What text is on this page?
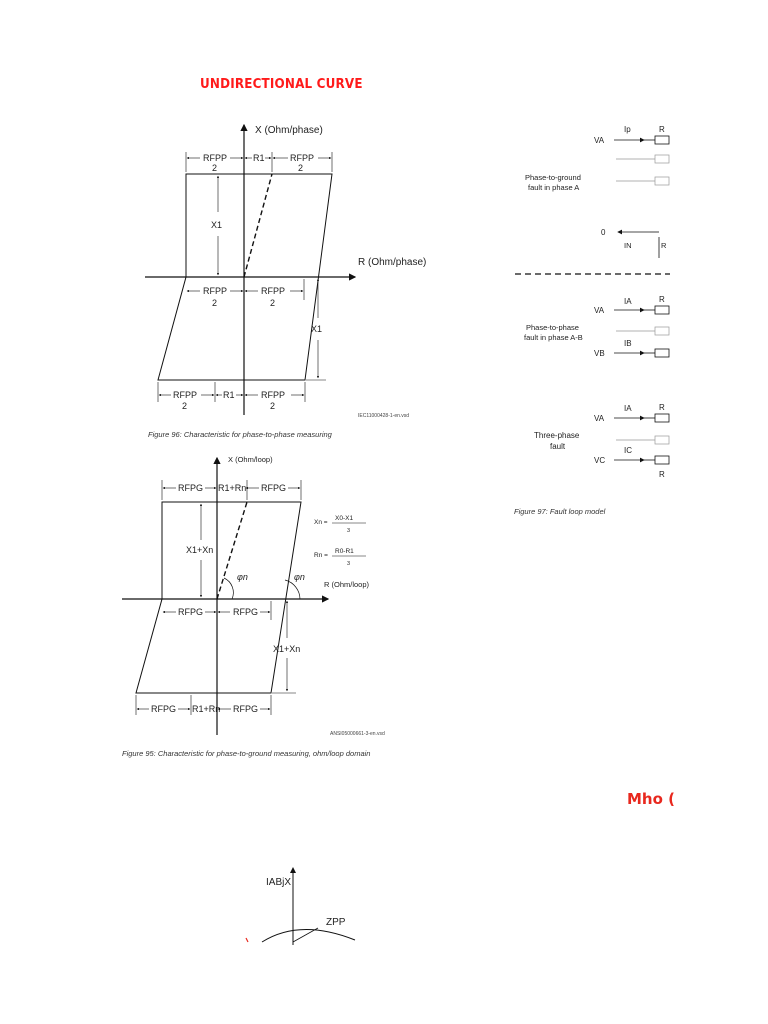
UNDIRECTIONAL CURVE
X (Ohm/phase)
R (Ohm/phase)
RFPP
2
R1	RFPP
2
X1
RFPP
2
RFPP
2
X1
RFPP
2
R1	RFPP
2
IEC11000428-1-en.vsd
Figure 96: Characteristic for phase-to-phase measuring
X (Ohm/loop)
R (Ohm/loop)
RFPG R1+Rn RFPG
X1+Xn
φn	φn
Xn =
X0-X1
3
Rn =
R0-R1
3
RFPG	RFPG
X1+Xn
RFPG R1+Rn RFPG
ANSI05000661-3-en.vsd
Figure 95: Characteristic for phase-to-ground measuring, ohm/loop domain
VA
Ip	R
Phase-to-ground
fault in phase A
0
IN	R
VA
IA	R
Phase-to-phase
fault in phase A-B
IB
VB
VA
IA	R
Three-phase
fault	IC
VC
R
Figure 97: Fault loop model
Mho (
IABjX
ZPP
